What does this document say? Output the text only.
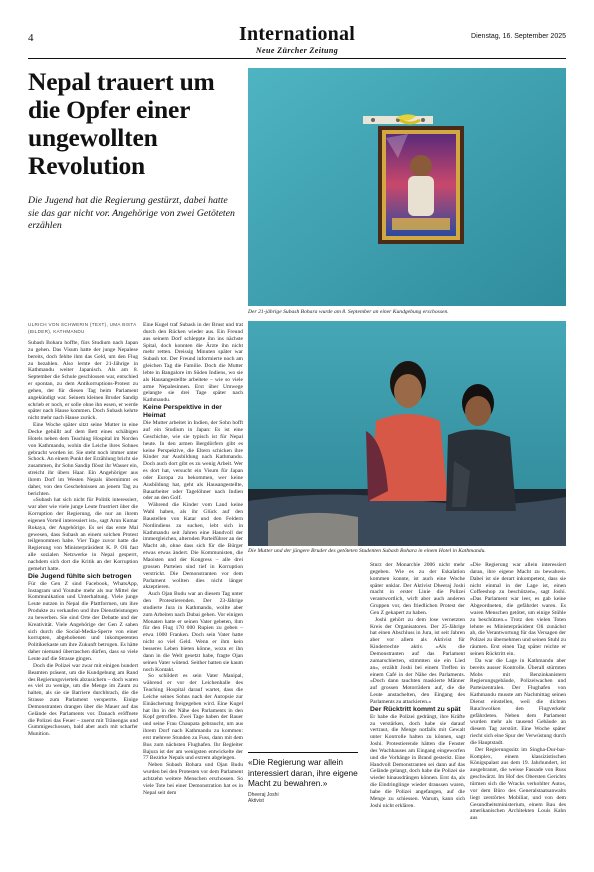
4	International
Neue Zürcher Zeitung
Dienstag, 16. September 2025
Nepal trauert um die Opfer einer ungewollten Revolution
Die Jugend hat die Regierung gestürzt, dabei hatte sie das gar nicht vor. Angehörige von zwei Getöteten erzählen
Der 21-jährige Subash Bohara wurde am 8. September an einer Kundgebung erschossen.
Die Mutter und der jüngere Bruder des getöteten Studenten Subash Bohara in einem Hotel in Kathmandu.
ULRICH VON SCHWERIN (TEXT), UMA BISTA (BILDER), KATHMANDU

Subash Bohara hoffte, fürs Studium nach Japan zu gehen. Das Visum hatte der junge Nepalese bereits, doch fehlte ihm das Geld, um den Flug zu bezahlen. Also lernte der 21-Jährige in Kathmandu weiter Japanisch. Als am 8. September die Schule geschlossen war, entschied er spontan, zu dem Antikorruptions-Protest zu gehen, der für diesen Tag beim Parlament angekündigt war. Seinem kleinen Bruder Sandip schrieb er noch, er solle ohne ihn essen, er werde später nach Hause kommen. Doch Subash kehrte nicht mehr nach Hause zurück.

Eine Woche später sitzt seine Mutter in eine Decke gehüllt auf dem Bett eines schäbigen Hotels neben dem Teaching Hospital im Norden von Kathmandu, wohin die Leiche ihres Sohnes gebracht worden ist. Sie steht noch immer unter Schock. An einem Punkt der Erzählung bricht sie zusammen, ihr Sohn Sandip flösst ihr Wasser ein, streicht ihr übers Haar. Ein Angehöriger aus ihrem Dorf im Westen Nepals übernimmt es daher, von den Geschehnissen an jenem Tag zu berichten.

«Subash hat sich nicht für Politik interessiert, war aber wie viele junge Leute frustriert über die Korruption der Regierung, die nur an ihrem eigenen Vorteil interessiert ist», sagt Arun Kumar Rokaya, der Angehörige. Es sei das erste Mal gewesen, dass Subash an einem solchen Protest teilgenommen habe. Vier Tage zuvor hatte die Regierung von Ministerpräsident K. P. Oli fast alle sozialen Netzwerke in Nepal gesperrt, nachdem sich dort die Kritik an der Korruption gemehrt hatte.

Die Jugend fühlte sich betrogen

Für die Gen Z sind Facebook, WhatsApp, Instagram und Youtube mehr als nur Mittel der Kommunikation und Unterhaltung. Viele junge Leute nutzen in Nepal die Plattformen, um ihre Produkte zu verkaufen und ihre Dienstleistungen zu bewerben. Sie sind Orte der Debatte und der Kreativität. Viele Angehörige der Gen Z sahen sich durch die Social-Media-Sperre von einer korrupten, abgehobenen und inkompetenten Politikerkaste um ihre Zukunft betrogen. Es hätte daher niemand überraschen dürfen, dass so viele Leute auf die Strasse gingen.

Doch die Polizei war zwar mit einigen hundert Beamten präsent, um die Kundgebung am Rand des Regierungsviertels abzusichern – doch waren es viel zu wenige, um die Menge im Zaum zu halten, als sie sie Barriere durchbrach, die die Strasse zum Parlament versperrte. Einige Demonstranten drangen über die Mauer auf das Gelände des Parlaments vor. Danach eröffnete die Polizei das Feuer – zuerst mit Tränengas und Gummigeschossen, bald aber auch mit scharfer Munition.

Eine Kugel traf Subash in der Brust und trat durch den Rücken wieder aus. Ein Freund aus seinem Dorf schleppte ihn ins nächste Spital, doch konnten die Ärzte ihn nicht mehr retten. Dreissig Minuten später war Subash tot. Der Freund informierte noch am gleichen Tag die Familie. Doch die Mutter lebte in Bangalore im Süden Indiens, wo sie als Hausangestellte arbeitete – wie so viele arme Nepalesinnen. Erst über Umwege gelangte sie drei Tage später nach Kathmandu.

Keine Perspektive in der Heimat

Die Mutter arbeitet in Indien, der Sohn hofft auf ein Studium in Japan: Es ist eine Geschichte, wie sie typisch ist für Nepal heute. In den armen Bergdörfern gibt es keine Perspektive, die Eltern schicken ihre Kinder zur Ausbildung nach Kathmandu. Doch auch dort gibt es zu wenig Arbeit. Wer es dort hat, versucht ein Visum für Japan oder Europa zu bekommen, wer keine Ausbildung hat, geht als Hausangestellte, Bauarbeiter oder Tagelöhner nach Indien oder an den Golf.

Während die Kinder vom Land keine Wahl haben, als ihr Glück auf den Baustellen von Katar und den Feldern Nordindiens zu suchen, lebt sich in Kathmandu seit Jahren eine Handvoll der immergleichen, alternden Parteiführer an der Macht ab, ohne dass sich für die Bürger etwas etwas ändert. Die Kommunisten, die Maoisten und der Kongress – alle drei grossen Parteien sind tief in Korruption verstrickt. Die Demonstranten vor dem Parlament wollten dies nicht länger akzeptieren.

Auch Ojan Budu war an diesem Tag unter den Protestierenden. Der 23-Jährige studierte Jura in Kathmandu, wollte aber zum Arbeiten nach Dubai gehen. Vor einigen Monaten hatte er seinen Vater gebeten, ihm für den Flug 170 000 Rupien zu geben – etwa 1000 Franken. Doch sein Vater hatte nicht so viel Geld. Wenn er ihm kein besseres Leben bieten könne, wozu er ihn dann in die Welt gesetzt habe, fragte Ojan seinen Vater wütend. Seither hatten sie kaum noch Kontakt.

So schildert es sein Vater Manipal, während er vor der Leichenhalle des Teaching Hospital darauf wartet, dass die Leiche seines Sohns nach der Autopsie zur Einäscherung freigegeben wird. Eine Kugel hat ihn in der Nähe des Parlaments in den Kopf getroffen. Zwei Tage haben der Bauer und seine Frau Chaupata gebraucht, um aus ihrem Dorf nach Kathmandu zu kommen: erst mehrere Stunden zu Fuss, dann mit dem Bus zum nächsten Flughafen. Ihr Begleiter Bajura ist der am wenigsten entwickelte der 77 Bezirke Nepals und extrem abgelegen.

Neben Subash Bohara und Ojan Budu wurden bei den Protesten vor dem Parlament achtzehn weitere Menschen erschossen. So viele Tote bei einer Demonstration hat es in Nepal seit dem

Sturz der Monarchie 2006 nicht mehr gegeben. Wie es zu der Eskalation kommen konnte, ist auch eine Woche später unklar. Der Aktivist Dheeraj Joshi macht in erster Linie die Polizei verantwortlich, wirft aber auch anderen Gruppen vor, den friedlichen Protest der Gen Z gekapert zu haben.

Joshi gehört zu dem lose vernetzten Kreis der Organisatoren. Der 25-Jährige hat einen Abschluss in Jura, ist seit Jahren aber vor allem als Aktivist für Kinderrechte aktiv. «Als die Demonstranten auf das Parlament zumarschierten, stimmten sie ein Lied an», erzählt Joshi bei einem Treffen in einem Café in der Nähe des Parlaments. «Doch dann tauchten maskierte Männer auf grossen Motorrädern auf, die die Leute anstachelten, den Eingang des Parlaments zu attackieren.»

Der Rücktritt kommt zu spät

Er habe die Polizei gedrängt, ihre Kräfte zu verstärken, doch habe sie darauf vertraut, die Menge notfalls mit Gewalt unter Kontrolle halten zu können, sagt Joshi. Protestierende hätten die Fenster des Wachhauses am Eingang eingeworfen und die Vorhänge in Brand gesteckt. Eine Handvoll Demonstranten sei dann auf das Gelände gelangt, doch habe die Polizei sie wieder hinausdrängen können. Erst da, als die Eindringlinge wieder draussen waren, habe die Polizei angefangen, auf die Menge zu schiessen. Warum, kann sich Joshi nicht erklären.

«Die Regierung war allein interessiert daran, ihre eigene Macht zu bewahren. Dabei ist sie derart inkompetent, dass sie nicht einmal in der Lage ist, einen Coffeeshop zu beschützen», sagt Joshi. «Das Parlament war leer, es gab keine Abgeordneten, die gefährdet waren. Es waren Menschen getötet, um einige Stühle zu beschützen.» Trotz den vielen Toten lehnte es Ministerpräsident Oli zunächst ab, die Verantwortung für das Versagen der Polizei zu übernehmen und seinen Stuhl zu räumen. Erst einen Tag später reichte er seinen Rücktritt ein.

Da war die Lage in Kathmandu aber bereits ausser Kontrolle. Überall stürmten Mobs mit Benzinkanistern Regierungsgebäude, Polizeiwachen und Parteizentralen. Der Flughafen von Kathmandu musste am Nachmittag seinen Dienst einstellen, weil die dichten Rauchwolken den Flugverkehr gefährdeten. Neben dem Parlament wurden mehr als tausend Gebäude an diesem Tag zerstört. Eine Woche später riecht sich eine Spur der Verwüstung durch die Hauptstadt.

Der Regierungssitz im Singha-Dur-bar-Komplex, einem klassizistischen Königspalast aus dem 19. Jahrhundert, ist ausgebrannt, die weisse Fassade von Russ geschwärzt. Im Hof des Obersten Gerichts türmen sich die Wracks verkohlter Autos, vor dem Büro des Generalstaatsanwalts liegt zerstörtes Mobiliar, und von dem Gesundheitsministerium, einem Bau des amerikanischen Architekten Louis Kahn aus

«Die Regierung war allein interessiert daran, ihre eigene Macht zu bewahren.»
Dheeraj Joshi
Aktivist
